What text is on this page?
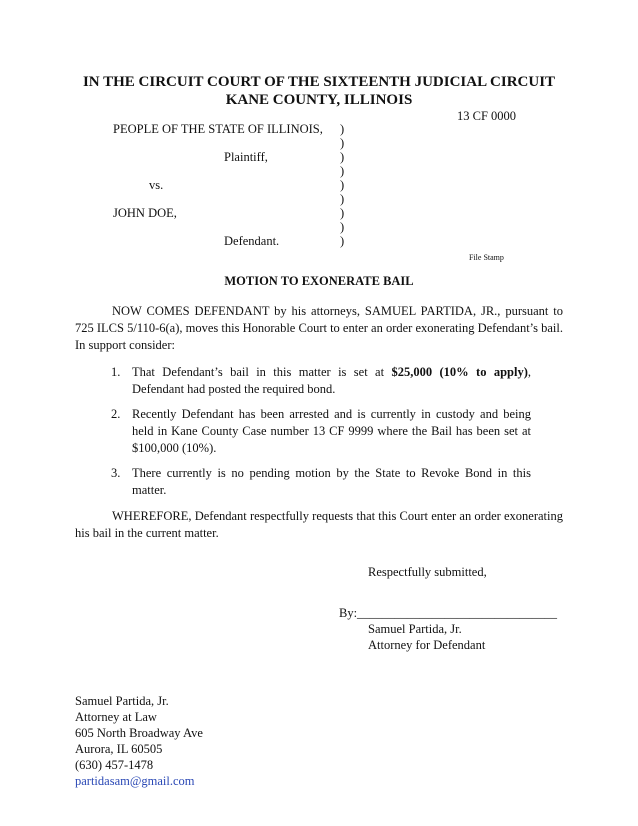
IN THE CIRCUIT COURT OF THE SIXTEENTH JUDICIAL CIRCUIT
KANE COUNTY, ILLINOIS
13 CF 0000
PEOPLE OF THE STATE OF ILLINOIS,
Plaintiff,
vs.
JOHN DOE,
Defendant.
)
)
)
)
)
)
)
)
)
File Stamp
MOTION TO EXONERATE BAIL
NOW COMES DEFENDANT by his attorneys, SAMUEL PARTIDA, JR., pursuant to 725 ILCS 5/110-6(a), moves this Honorable Court to enter an order exonerating Defendant’s bail. In support consider:
1. That Defendant’s bail in this matter is set at $25,000 (10% to apply), Defendant had posted the required bond.
2. Recently Defendant has been arrested and is currently in custody and being held in Kane County Case number 13 CF 9999 where the Bail has been set at $100,000 (10%).
3. There currently is no pending motion by the State to Revoke Bond in this matter.
WHEREFORE, Defendant respectfully requests that this Court enter an order exonerating his bail in the current matter.
Respectfully submitted,
By:________________________________
Samuel Partida, Jr.
Attorney for Defendant
Samuel Partida, Jr.
Attorney at Law
605 North Broadway Ave
Aurora, IL 60505
(630) 457-1478
partidasam@gmail.com
